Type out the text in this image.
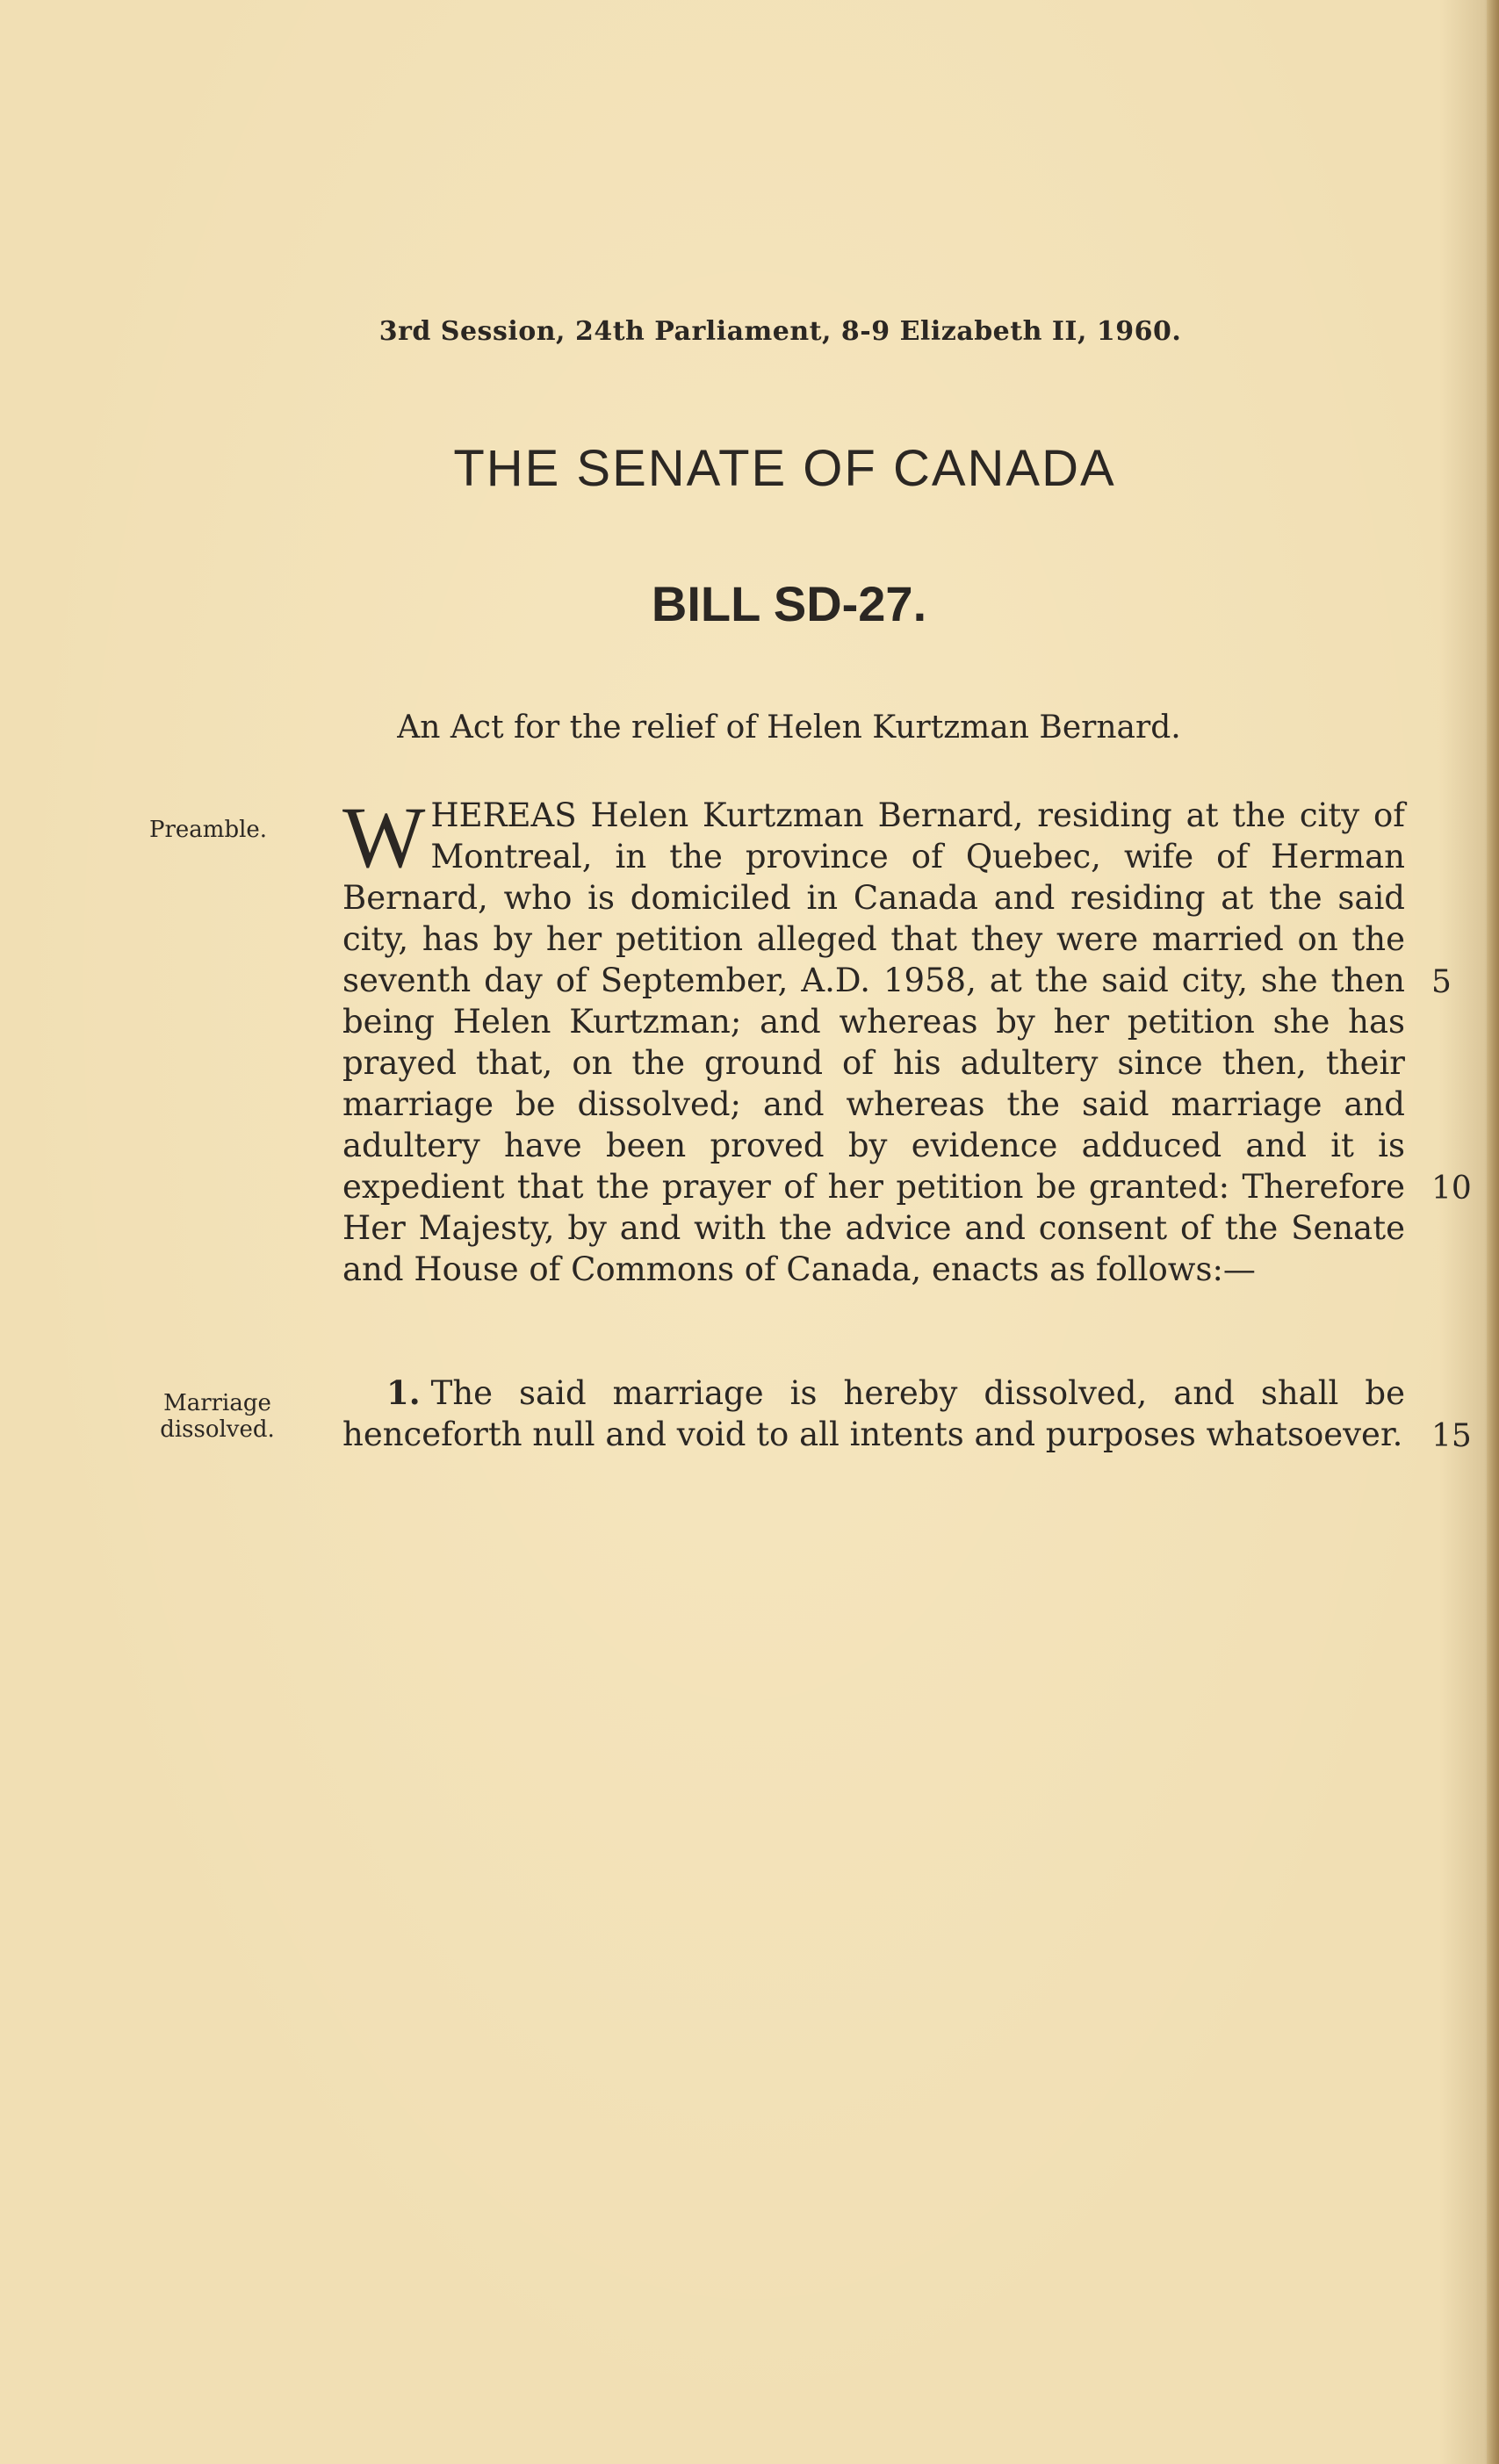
3rd Session, 24th Parliament, 8-9 Elizabeth II, 1960.
THE SENATE OF CANADA
BILL SD-27.
An Act for the relief of Helen Kurtzman Bernard.
Preamble.
Marriage dissolved.
WHEREAS Helen Kurtzman Bernard, residing at the city of Montreal, in the province of Quebec, wife of Herman Bernard, who is domiciled in Canada and residing at the said city, has by her petition alleged that they were married on the seventh day of September, A.D. 1958, at the said city, she then being Helen Kurtzman; and whereas by her petition she has prayed that, on the ground of his adultery since then, their marriage be dissolved; and whereas the said marriage and adultery have been proved by evidence adduced and it is expedient that the prayer of her petition be granted: Therefore Her Majesty, by and with the advice and consent of the Senate and House of Commons of Canada, enacts as follows:—
1. The said marriage is hereby dissolved, and shall be henceforth null and void to all intents and purposes whatsoever.
5
10
15
